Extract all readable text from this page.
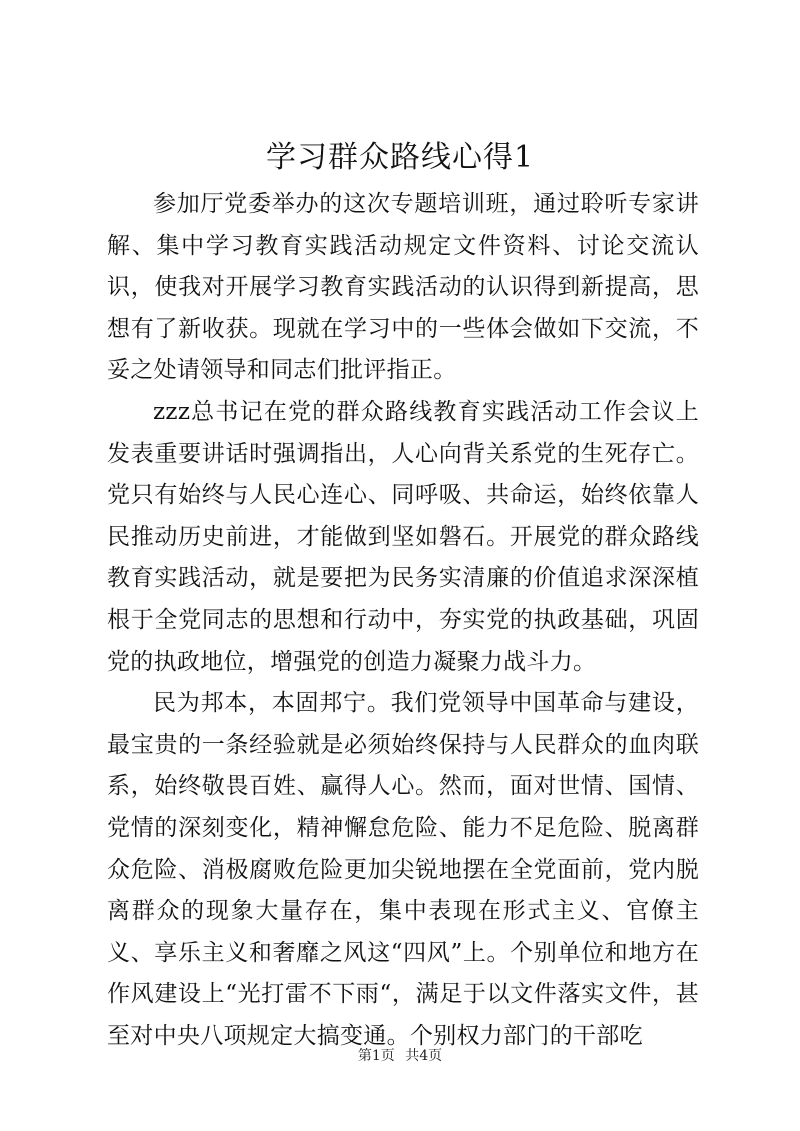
学习群众路线心得1

参加厅党委举办的这次专题培训班，通过聆听专家讲解、集中学习教育实践活动规定文件资料、讨论交流认识，使我对开展学习教育实践活动的认识得到新提高，思想有了新收获。现就在学习中的一些体会做如下交流，不妥之处请领导和同志们批评指正。

zzz总书记在党的群众路线教育实践活动工作会议上发表重要讲话时强调指出，人心向背关系党的生死存亡。党只有始终与人民心连心、同呼吸、共命运，始终依靠人民推动历史前进，才能做到坚如磐石。开展党的群众路线教育实践活动，就是要把为民务实清廉的价值追求深深植根于全党同志的思想和行动中，夯实党的执政基础，巩固党的执政地位，增强党的创造力凝聚力战斗力。

民为邦本，本固邦宁。我们党领导中国革命与建设，最宝贵的一条经验就是必须始终保持与人民群众的血肉联系，始终敬畏百姓、赢得人心。然而，面对世情、国情、党情的深刻变化，精神懈怠危险、能力不足危险、脱离群众危险、消极腐败危险更加尖锐地摆在全党面前，党内脱离群众的现象大量存在，集中表现在形式主义、官僚主义、享乐主义和奢靡之风这“四风”上。个别单位和地方在作风建设上“光打雷不下雨“，满足于以文件落实文件，甚至对中央八项规定大搞变通。个别权力部门的干部吃

第1页 共4页
